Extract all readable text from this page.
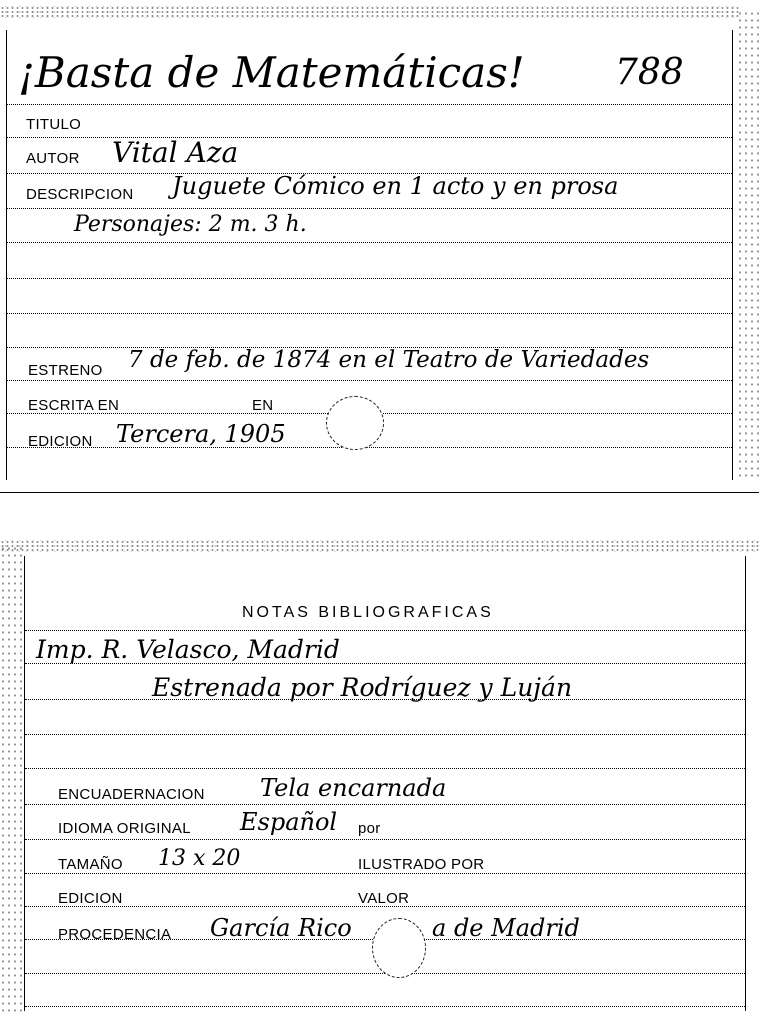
¡Basta de Matemáticas!	788
TITULO
AUTOR Vital Aza
DESCRIPCION Juguete Cómico en 1 acto y en prosa
Personajes: 2 m. 3 h.
ESTRENO 7 de feb. de 1874 en el Teatro de Variedades
ESCRITA EN	EN
EDICION Tercera, 1905
NOTAS BIBLIOGRAFICAS
Imp. R. Velasco, Madrid
Estrenada por Rodríguez y Luján
ENCUADERNACION Tela encarnada
IDIOMA ORIGINAL Español por
TAMAÑO 13 x 20	ILUSTRADO POR
EDICION	VALOR
PROCEDENCIA García Rico	a de Madrid
